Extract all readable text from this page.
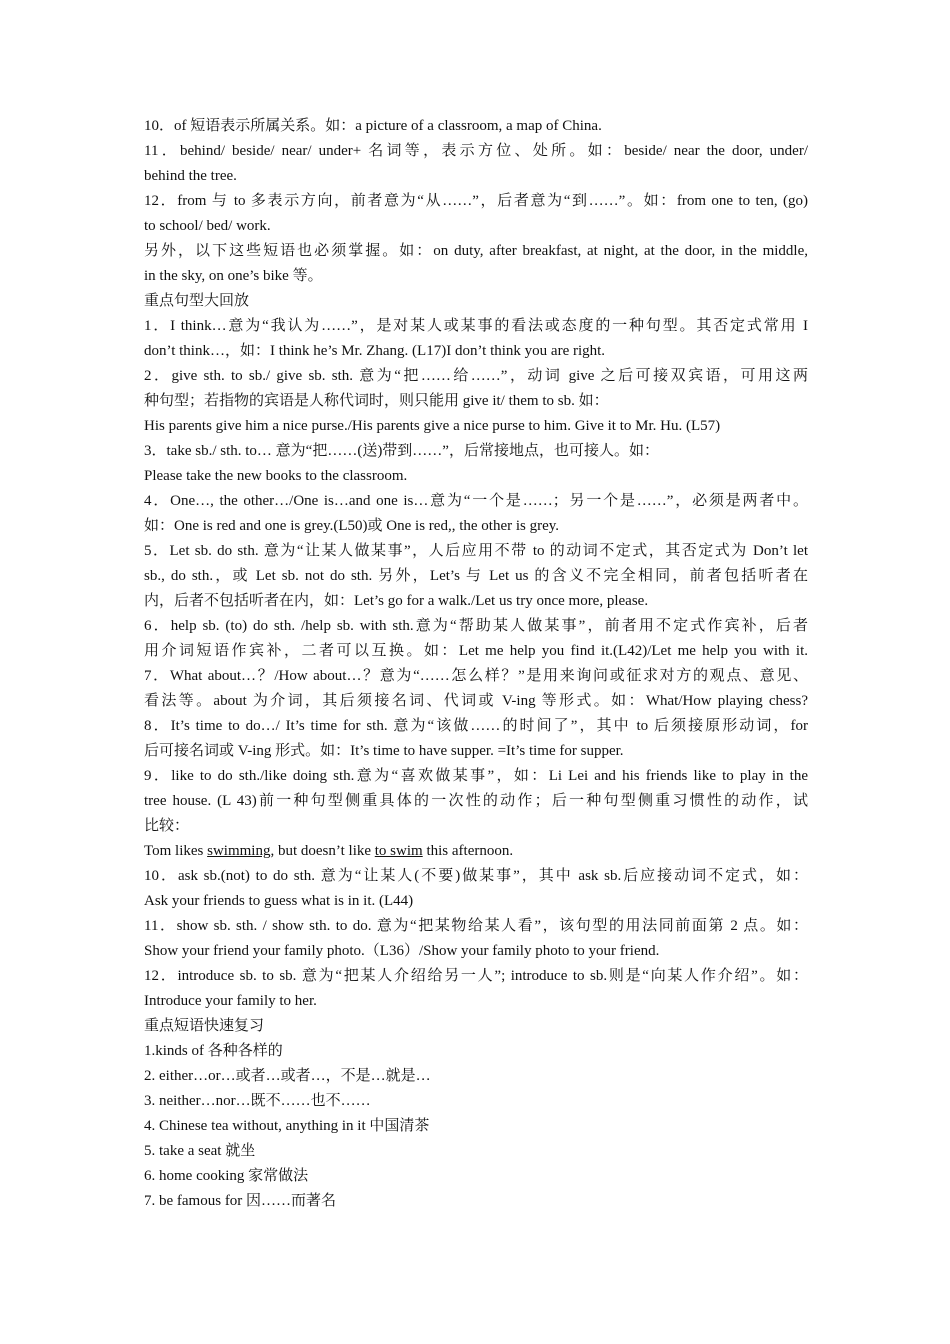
10．of 短语表示所属关系。如：a picture of a classroom, a map of China.
11．behind/ beside/ near/ under+ 名词等，表示方位、处所。如：beside/ near the door, under/
behind the tree.
12．from 与 to 多表示方向，前者意为“从……”，后者意为“到……”。如：from one to ten, (go)
to school/ bed/ work.
另外，以下这些短语也必须掌握。如：on duty, after breakfast, at night, at the door, in the middle,
in the sky, on one’s bike 等。
重点句型大回放
1．I think…意为“我认为……”，是对某人或某事的看法或态度的一种句型。其否定式常用 I
don’t think…，如：I think he’s Mr. Zhang. (L17)I don’t think you are right.
2．give sth. to sb./ give sb. sth. 意为“把……给……”，动词 give 之后可接双宾语，可用这两
种句型；若指物的宾语是人称代词时，则只能用 give it/ them to sb. 如：
His parents give him a nice purse./His parents give a nice purse to him. Give it to Mr. Hu. (L57)
3．take sb./ sth. to… 意为“把……(送)带到……”，后常接地点，也可接人。如：
Please take the new books to the classroom.
4．One…, the other…/One is…and one is…意为“一个是……；另一个是……”，必须是两者中。
如：One is red and one is grey.(L50)或 One is red,, the other is grey.
5．Let sb. do sth. 意为“让某人做某事”，人后应用不带 to 的动词不定式，其否定式为 Don’t let
sb., do sth.，或 Let sb. not do sth. 另外，Let’s 与 Let us 的含义不完全相同，前者包括听者在
内，后者不包括听者在内，如：Let’s go for a walk./Let us try once more, please.
6．help sb. (to) do sth. /help sb. with sth.意为“帮助某人做某事”，前者用不定式作宾补，后者
用介词短语作宾补，二者可以互换。如：Let me help you find it.(L42)/Let me help you with it.
7．What about…？/How about…？意为“……怎么样？”是用来询问或征求对方的观点、意见、
看法等。about 为介词，其后须接名词、代词或 V-ing 等形式。如：What/How playing chess?
8．It’s time to do…/ It’s time for sth. 意为“该做……的时间了”，其中 to 后须接原形动词，for
后可接名词或 V-ing 形式。如：It’s time to have supper. =It’s time for supper.
9．like to do sth./like doing sth.意为“喜欢做某事”，如：Li Lei and his friends like to play in the
tree house. (L 43)前一种句型侧重具体的一次性的动作；后一种句型侧重习惯性的动作，试
比较：
Tom likes swimming, but doesn’t like to swim this afternoon.
10．ask sb.(not) to do sth. 意为“让某人(不要)做某事”，其中 ask sb.后应接动词不定式，如：
Ask your friends to guess what is in it. (L44)
11．show sb. sth. / show sth. to do. 意为“把某物给某人看”，该句型的用法同前面第 2 点。如：
Show your friend your family photo.（L36）/Show your family photo to your friend.
12．introduce sb. to sb. 意为“把某人介绍给另一人”; introduce to sb.则是“向某人作介绍”。如：
Introduce your family to her.
重点短语快速复习
1.kinds of 各种各样的
2. either…or…或者…或者…，不是…就是…
3. neither…nor…既不……也不……
4. Chinese tea without, anything in it 中国清茶
5. take a seat 就坐
6. home cooking 家常做法
7. be famous for 因……而著名
